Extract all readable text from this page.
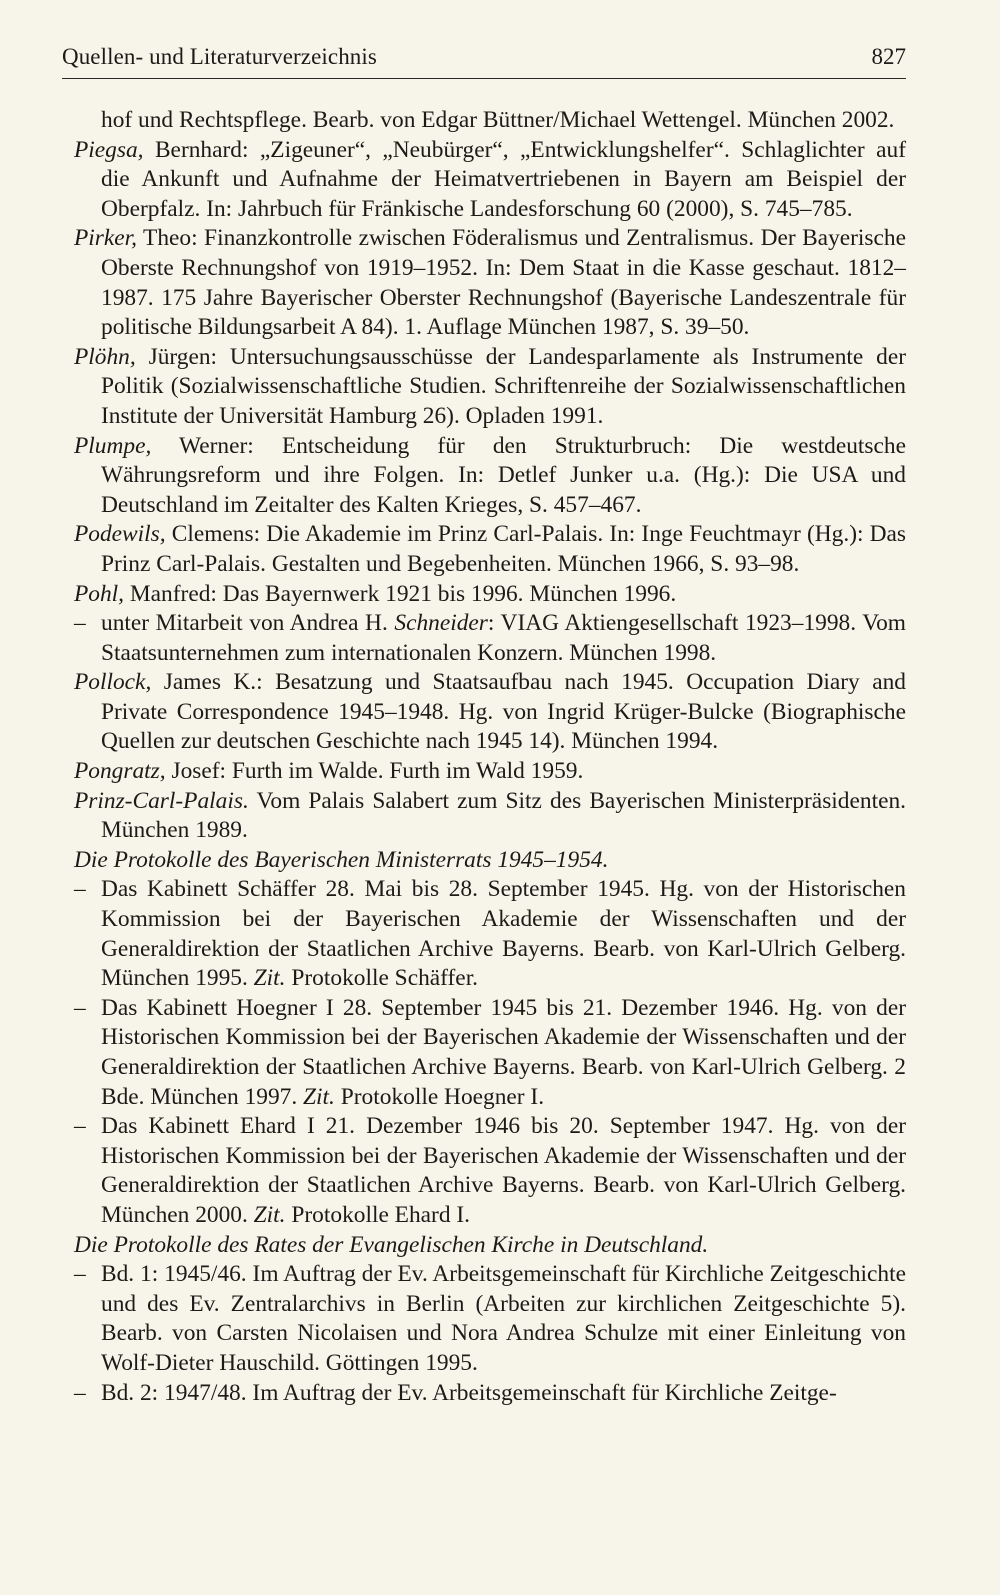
Quellen- und Literaturverzeichnis	827

hof und Rechtspflege. Bearb. von Edgar Büttner/Michael Wettengel. München 2002.

Piegsa, Bernhard: „Zigeuner“, „Neubürger“, „Entwicklungshelfer“. Schlaglichter auf die Ankunft und Aufnahme der Heimatvertriebenen in Bayern am Beispiel der Oberpfalz. In: Jahrbuch für Fränkische Landesforschung 60 (2000), S. 745–785.

Pirker, Theo: Finanzkontrolle zwischen Föderalismus und Zentralismus. Der Bayerische Oberste Rechnungshof von 1919–1952. In: Dem Staat in die Kasse geschaut. 1812–1987. 175 Jahre Bayerischer Oberster Rechnungshof (Bayerische Landeszentrale für politische Bildungsarbeit A 84). 1. Auflage München 1987, S. 39–50.

Plöhn, Jürgen: Untersuchungsausschüsse der Landesparlamente als Instrumente der Politik (Sozialwissenschaftliche Studien. Schriftenreihe der Sozialwissenschaftlichen Institute der Universität Hamburg 26). Opladen 1991.

Plumpe, Werner: Entscheidung für den Strukturbruch: Die westdeutsche Währungsreform und ihre Folgen. In: Detlef Junker u.a. (Hg.): Die USA und Deutschland im Zeitalter des Kalten Krieges, S. 457–467.

Podewils, Clemens: Die Akademie im Prinz Carl-Palais. In: Inge Feuchtmayr (Hg.): Das Prinz Carl-Palais. Gestalten und Begebenheiten. München 1966, S. 93–98.

Pohl, Manfred: Das Bayernwerk 1921 bis 1996. München 1996.

– unter Mitarbeit von Andrea H. Schneider: VIAG Aktiengesellschaft 1923–1998. Vom Staatsunternehmen zum internationalen Konzern. München 1998.

Pollock, James K.: Besatzung und Staatsaufbau nach 1945. Occupation Diary and Private Correspondence 1945–1948. Hg. von Ingrid Krüger-Bulcke (Biographische Quellen zur deutschen Geschichte nach 1945 14). München 1994.

Pongratz, Josef: Furth im Walde. Furth im Wald 1959.

Prinz-Carl-Palais. Vom Palais Salabert zum Sitz des Bayerischen Ministerpräsidenten. München 1989.

Die Protokolle des Bayerischen Ministerrats 1945–1954.

– Das Kabinett Schäffer 28. Mai bis 28. September 1945. Hg. von der Historischen Kommission bei der Bayerischen Akademie der Wissenschaften und der Generaldirektion der Staatlichen Archive Bayerns. Bearb. von Karl-Ulrich Gelberg. München 1995. Zit. Protokolle Schäffer.

– Das Kabinett Hoegner I 28. September 1945 bis 21. Dezember 1946. Hg. von der Historischen Kommission bei der Bayerischen Akademie der Wissenschaften und der Generaldirektion der Staatlichen Archive Bayerns. Bearb. von Karl-Ulrich Gelberg. 2 Bde. München 1997. Zit. Protokolle Hoegner I.

– Das Kabinett Ehard I 21. Dezember 1946 bis 20. September 1947. Hg. von der Historischen Kommission bei der Bayerischen Akademie der Wissenschaften und der Generaldirektion der Staatlichen Archive Bayerns. Bearb. von Karl-Ulrich Gelberg. München 2000. Zit. Protokolle Ehard I.

Die Protokolle des Rates der Evangelischen Kirche in Deutschland.

– Bd. 1: 1945/46. Im Auftrag der Ev. Arbeitsgemeinschaft für Kirchliche Zeitgeschichte und des Ev. Zentralarchivs in Berlin (Arbeiten zur kirchlichen Zeitgeschichte 5). Bearb. von Carsten Nicolaisen und Nora Andrea Schulze mit einer Einleitung von Wolf-Dieter Hauschild. Göttingen 1995.

– Bd. 2: 1947/48. Im Auftrag der Ev. Arbeitsgemeinschaft für Kirchliche Zeitge-
